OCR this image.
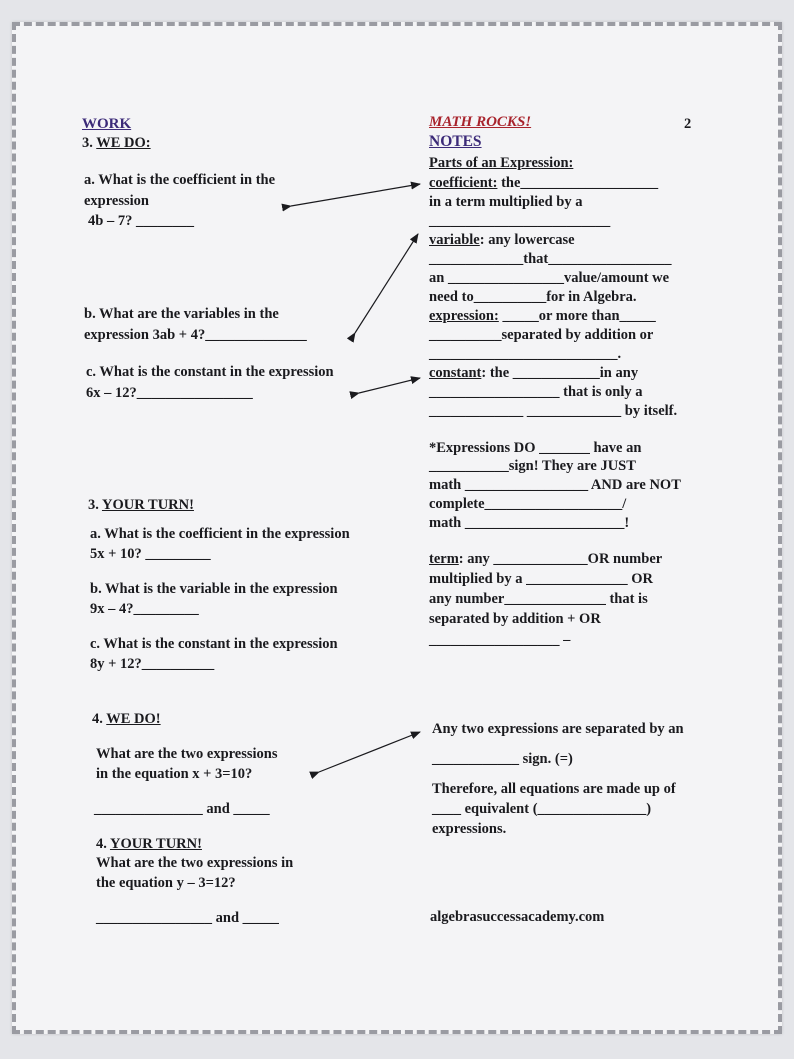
WORK
3. WE DO:
a. What is the coefficient in the
expression
4b – 7? ________
b. What are the variables in the
expression 3ab + 4?______________
c. What is the constant in the expression
6x – 12?________________
3. YOUR TURN!
a. What is the coefficient in the expression
5x + 10? _________
b. What is the variable in the expression
9x – 4?_________
c. What is the constant in the expression
8y + 12?__________
4. WE DO!
What are the two expressions
in the equation x + 3=10?
_______________ and _____
4. YOUR TURN!
What are the two expressions in
the equation y – 3=12?
________________ and _____
MATH ROCKS!	2
NOTES
Parts of an Expression:
coefficient: the___________________
in a term multiplied by a
_________________________
variable: any lowercase
_____________that_________________
an ________________value/amount we
need to__________for in Algebra.
expression: _____or more than_____
__________separated by addition or
__________________________.
constant: the ____________in any
__________________ that is only a
_____________ _____________ by itself.
*Expressions DO _______ have an
___________sign! They are JUST
math _________________ AND are NOT
complete___________________/
math ______________________!
term: any _____________OR number
multiplied by a ______________ OR
any number______________ that is
separated by addition + OR
__________________ –
Any two expressions are separated by an
____________ sign. (=)
Therefore, all equations are made up of
____ equivalent (_______________)
expressions.
algebrasuccessacademy.com
